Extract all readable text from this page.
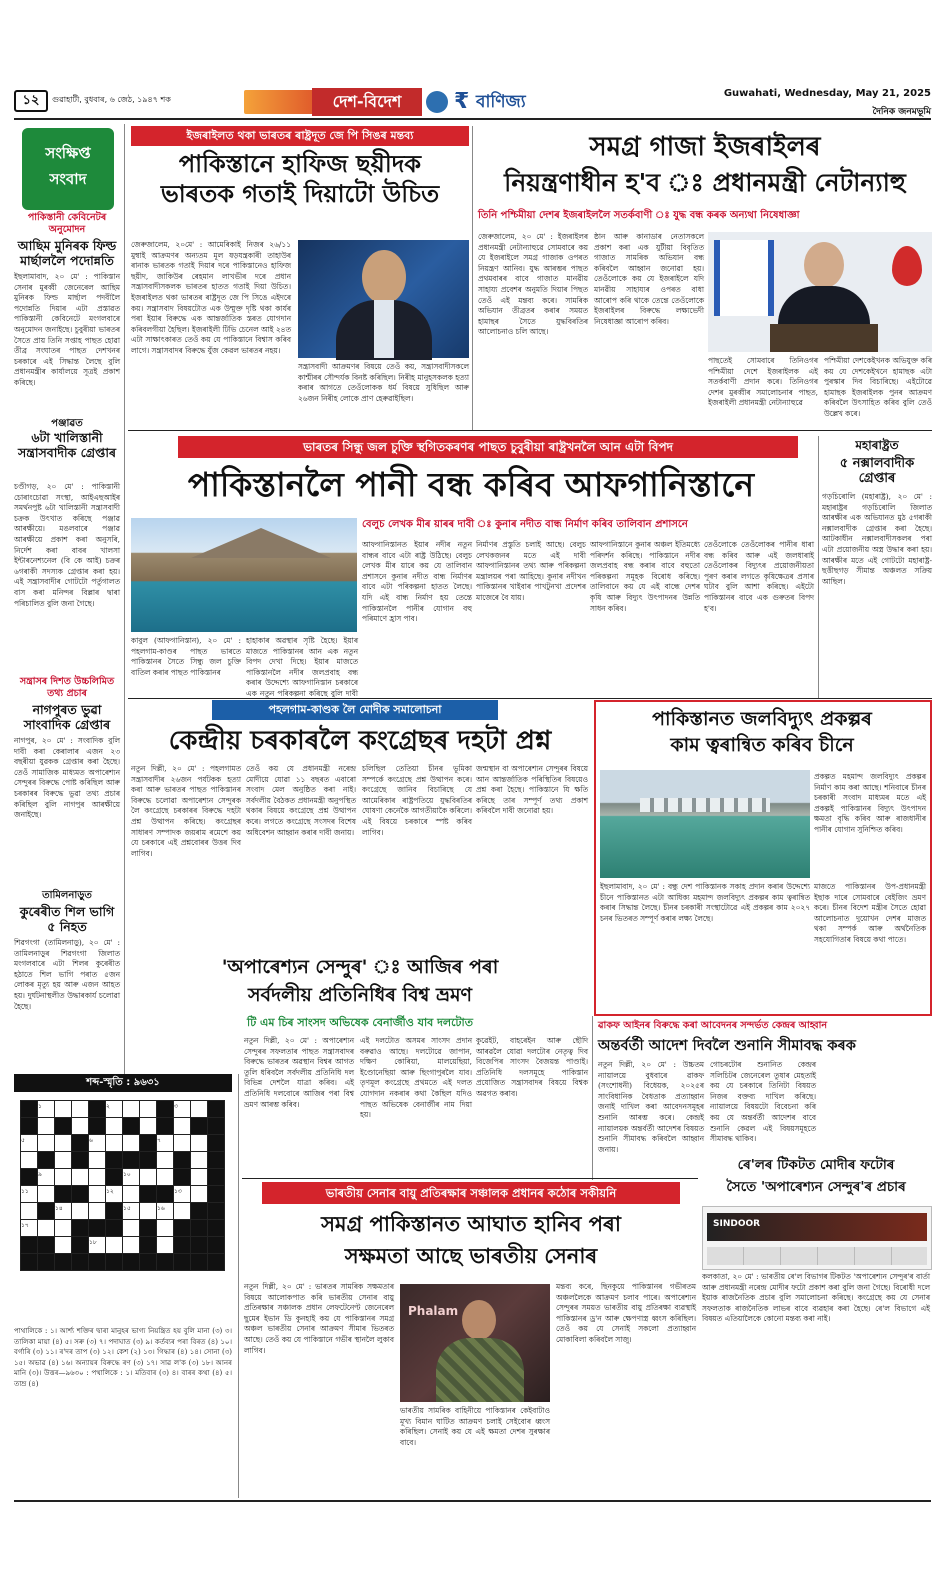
১২	গুৱাহাটী, বুধবাৰ, ৬ জেঠ, ১৯৪৭ শক	দেশ-বিদেশ	₹ বাণিজ্য	Guwahati, Wednesday, May 21, 2025
দৈনিক জনমভূমি
সংক্ষিপ্ত
সংবাদ
পাকিস্তানী কেবিনেটৰ অনুমোদন
আছিম মুনিৰক ফিল্ড মাৰ্ছাললৈ পদোন্নতি
ইছলামাবাদ, ২০ মে' : পাকিস্তান সেনাৰ মুৰব্বী জেনেৰেল আছিম মুনিৰক ফিল্ড মাৰ্ছাল পদবীলৈ পদোন্নতি দিয়াৰ এটা প্ৰস্তাৱত পাকিস্তানী কেবিনেটে মংগলবাৰে অনুমোদন জনাইছে। চুবুৰীয়া ভাৰতৰ সৈতে প্ৰায় তিনি সপ্তাহ পাছত হোৱা তীব্ৰ সংঘাতৰ পাছত দেশখনৰ চৰকাৰে এই সিদ্ধান্ত লৈছে বুলি প্ৰধানমন্ত্ৰীৰ কাৰ্যালয়ে সূত্ৰই প্ৰকাশ কৰিছে।
পঞ্জাৱত
৬টা খালিস্তানী সন্ত্ৰাসবাদীক গ্ৰেপ্তাৰ
চণ্ডীগড়, ২০ মে' : পাকিস্তানী চোৰাংচোৱা সংস্থা, আইএছআইৰ সমৰ্থনপুষ্ট ৬টা খালিস্তানী সন্ত্ৰাসবাদী চক্ৰক উৎখাত কৰিছে পঞ্জাৱ আৰক্ষীয়ে। মঙলবাৰে পঞ্জাৱ আৰক্ষীয়ে প্ৰকাশ কৰা অনুসৰি, নিৰ্দেশ কৰা বাবৰ খালসা ইন্টাৰনেশ্যনেল (বি কে আই) চক্ৰৰ ৬গৰাকী সদস্যক গ্ৰেপ্তাৰ কৰা হয়। এই সন্ত্ৰাসবাদীৰ গোটটো পৰ্তুগালত বাস কৰা মনিন্দৰ বিল্লাৰ দ্বাৰা পৰিচালিত বুলি জনা গৈছে।
সন্ত্ৰাসৰ দিশত উচ্চলিমিত তথ্য প্ৰচাৰ
নাগপুৰত ভুৱা সাংবাদিক গ্ৰেপ্তাৰ
নাগপুৰ, ২০ মে' : সংবাদিক বুলি দাবী কৰা কেৰালাৰ এজন ২৩ বছৰীয়া যুৱকক গ্ৰেপ্তাৰ কৰা হৈছে। তেওঁ সামাজিক মাধ্যমত অপাৰেশ্যন সেন্দুৰৰ বিৰুদ্ধে পোষ্ট কৰিছিল আৰু চৰকাৰৰ বিৰুদ্ধে ভুৱা তথ্য প্ৰচাৰ কৰিছিল বুলি নাগপুৰ আৰক্ষীয়ে জনাইছে।
তামিলনাড়ুত
কুৰেৰীত শিল ভাগি ৫ নিহত
শিৱগংগা (তামিলনাড়ু), ২০ মে' : তামিলনাড়ুৰ শিৱগংগা জিলাত মংগলবাৰে এটা শিলৰ কুৰেৰীত হঠাতে শিল ভাগি পৰাত ৫জন লোকৰ মৃত্যু হয় আৰু এজন আহত হয়। দুৰ্ঘটনাস্থলীত উদ্ধাৰকাৰ্য চলোৱা হৈছে।
শব্দ-স্মৃতি : ৯৬৩১
	১				২				৩		

৫				৬				৭			

	৯					১০					
১১					১২				১৩		
		১৪				১৫		১৬			
১৭											
				১৮							

পাথালিকে : ১। আৰ্শ্য শক্তিৰ দ্বাৰা মানুহৰ ভাগ্য নিয়ন্ত্ৰিত হয় বুলি মানা (৩) ৩। তালিকা মায়া (৪) ৫। সৰু (৩) ৭। পদাঘাত (৩) ৯। কৰ্তব্যৰ পৰা বিৰত (৪) ১০। বৰ্গাৰি (৩) ১১। ৰ'দৰ তাপ (৩) ১২। কেশ (২) ১৩। গিদ্ধাৰ (৪) ১৪। সোনা (৩) ১৫। অভাৱ (৪) ১৬। অন্যায়ৰ বিৰুদ্ধে ৰণ (৩) ১৭। সাৱ ল'ক (৩) ১৮। আনৰ মানি (৩)। উত্তৰ—৯৬৩০ : পথালিকে : ১। মতিবাৰ (৩) ৪। বাৰৰ কথা (৪) ৫। তাম্ৰ (৪)
ইজৰাইলত থকা ভাৰতৰ ৰাষ্ট্ৰদূত জে পি সিঙৰ মন্তব্য
পাকিস্তানে হাফিজ ছয়ীদক
ভাৰতক গতাই দিয়াটো উচিত
জেৰুজালেম, ২০মে' : আমেৰিকাই নিজৰ ২৬/১১ মুম্বাই আক্ৰমণৰ অন্যতম মূল ষড়যন্ত্ৰকাৰী তাহাউৰ ৰানাক ভাৰতক গতাই দিয়াৰ দৰে পাকিস্তানেও হাফিজ ছয়ীদ, জাকিউৰ ৰেহমান লাখভীৰ দৰে প্ৰধান সন্ত্ৰাসবাদীসকলক ভাৰতৰ হাতত গতাই দিয়া উচিত। ইজৰাইলত থকা ভাৰতৰ ৰাষ্ট্ৰদূত জে পি সিঙে এইদৰে কয়। সন্ত্ৰাসবাদ বিষয়টোত এক উম্মুক্ত দৃষ্টি থকা কাৰ্যৰ পৰা ইয়াৰ বিৰুদ্ধে এক আন্তৰ্জাতিক স্তৰত যোগদান কৰিবলগীয়া হৈছিল। ইজৰাইলী টিভি চেনেল আই ২৪ত এটা সাক্ষাৎকাৰত তেওঁ কয় যে পাকিস্তানে বিশ্বাস কৰিব লাগে। সন্ত্ৰাসবাদৰ বিৰুদ্ধে যুঁজ কেৱল ভাৰতৰ নহয়।
সন্ত্ৰাসবাদী আক্ৰমণৰ বিষয়ে তেওঁ কয়, সন্ত্ৰাসবাদীসকলে কাশ্মীৰৰ সৌন্দৰ্যক বিনষ্ট কৰিছিল। নিৰীহ মানুহসকলক হত্যা কৰাৰ আগতে তেওঁলোকক ধৰ্ম বিষয়ে সুধিছিল আৰু ২৬জন নিৰীহ লোকে প্ৰাণ হেৰুৱাইছিল।
সমগ্ৰ গাজা ইজৰাইলৰ
নিয়ন্ত্ৰণাধীন হ'ব ঃ প্ৰধানমন্ত্ৰী নেটান্যাহু
তিনি পশ্চিমীয়া দেশৰ ইজৰাইললৈ সতৰ্কবাণী ঃ যুদ্ধ বন্ধ কৰক অন্যথা নিষেধাজ্ঞা
জেৰুজালেম, ২০ মে' : ইজৰাইলৰ প্ৰধানমন্ত্ৰী নেটান্যাহুৱে সোমবাৰে কয় যে ইজৰাইলে সমগ্ৰ গাজাক ওপৰত নিয়ন্ত্ৰণ আনিব। যুদ্ধ আৰম্ভৰ পাছত প্ৰথমবাৰৰ বাবে গাজাত মানৱীয় সাহায্য প্ৰবেশৰ অনুমতি দিয়াৰ পিছত তেওঁ এই মন্তব্য কৰে। সামৰিক অভিযান তীব্ৰতৰ কৰাৰ সময়ত হামাছৰ সৈতে যুদ্ধবিৰতিৰ আলোচনাও চলি আছে।
ষ্ঠান আৰু কানাডাৰ নেতাসকলে প্ৰকাশ কৰা এক যুটীয়া বিবৃতিত গাজাত সামৰিক অভিযান বন্ধ কৰিবলৈ আহ্বান জনোৱা হয়। তেওঁলোকে কয় যে ইজৰাইলে যদি মানৱীয় সাহায্যৰ ওপৰত বাধা আৰোপ কৰি থাকে তেন্তে তেওঁলোকে ইজৰাইলৰ বিৰুদ্ধে লক্ষ্যভেদী নিষেধাজ্ঞা আৰোপ কৰিব।
পাছতেই সোমবাৰে তিনিওগৰ পশ্চিমীয়া দেশে ইজৰাইলক এই সতৰ্কবাণী প্ৰদান কৰে। তিনিওগৰ দেশৰ মুৰব্বীৰ সমালোচনাৰ পাছত, ইজৰাইলী প্ৰধানমন্ত্ৰী নেটান্যাহুৱে
পশ্চিমীয়া দেশকেইখনক অভিযুক্ত কৰি কয় যে দেশকেইখনে হামাছক এটা পুৰস্কাৰ দিব বিচাৰিছে। এইটোৱে হামাছক ইজৰাইলক পুনৰ আক্ৰমণ কৰিবলৈ উৎসাহিত কৰিব বুলি তেওঁ উল্লেখ কৰে।
ভাৰতৰ সিন্ধু জল চুক্তি স্থগিতকৰণৰ পাছত চুবুৰীয়া ৰাষ্ট্ৰখনলৈ আন এটা বিপদ
পাকিস্তানলৈ পানী বন্ধ কৰিব আফগানিস্তানে
বেলুচ লেখক মীৰ য়াৰৰ দাবী ঃ কুনাৰ নদীত বান্ধ নিৰ্মাণ কৰিব তালিবান প্ৰশাসনে
কাবুল (আফগানিস্তান), ২০ মে' : পহলগাম-কাণ্ডৰ পাছত ভাৰতে পাকিস্তানৰ সৈতে সিন্ধু জল চুক্তি বাতিল কৰাৰ পাছত পাকিস্তানৰ
হাহাকাৰ অৱস্থাৰ সৃষ্টি হৈছে। ইয়াৰ মাজতে পাকিস্তানৰ আন এক নতুন বিপদ দেখা দিছে। ইয়াৰ মাজতে পাকিস্তানলৈ নদীৰ জলপ্ৰবাহ বন্ধ কৰাৰ উদ্দেশ্যে আফগানিস্তান চৰকাৰে এক নতুন পৰিকল্পনা কৰিছে বুলি দাবী
আফগানিস্তানত ইয়াৰ নদীৰ নতুন বান্ধৰ বাবে এটা ৰাষ্ট্ৰ উঠিছে। বেলুচ লেখক মীৰ য়াৰে কয় যে তালিবান প্ৰশাসনে কুনাৰ নদীত বান্ধ নিৰ্মাণৰ বাবে এটা পৰিকল্পনা হাতত লৈছে। যদি এই বান্ধ নিৰ্মাণ হয় তেন্তে পাকিস্তানলৈ পানীৰ যোগান বহু পৰিমাণে হ্ৰাস পাব।
নিৰ্মাণৰ প্ৰস্তুতি চলাই আছে। বেলুচ লেখকজনৰ মতে এই দাবী আফগানিস্তানৰ তথ্য আৰু পৰিকল্পনা মন্ত্ৰালয়ৰ পৰা আহিছে। কুনাৰ নদীখন পাকিস্তানৰ খাইবাৰ পাখটুনখা প্ৰদেশৰ মাজেৰে বৈ যায়।
আফগানিস্তানে কুনাৰ অঞ্চল ইতিমধ্যে পৰিদৰ্শন কৰিছে। পাকিস্তানে নদীৰ জলপ্ৰবাহ বন্ধ কৰাৰ বাবে বহুতো পৰিকল্পনা সমূহক বিৰোধ কৰিছে। তালিবানে কয় যে এই বান্ধে দেশৰ কৃষি আৰু বিদ্যুৎ উৎপাদনৰ উন্নতি সাধন কৰিব।
তেওঁলোকে তেওঁলোকৰ পানীৰ ধাৰা বন্ধ কৰিব আৰু এই জলধাৰাই তেওঁলোকৰ বিদ্যুৎৰ প্ৰয়োজনীয়তা পূৰণ কৰাৰ লগতে কৃষিক্ষেত্ৰৰ প্ৰসাৰ ঘটাব বুলি আশা কৰিছে। এইটো পাকিস্তানৰ বাবে এক গুৰুতৰ বিপদ হ'ব।
মহাৰাষ্ট্ৰত
৫ নক্সালবাদীক গ্ৰেপ্তাৰ
গড়চিৰোলি (মহাৰাষ্ট্ৰ), ২০ মে' : মহাৰাষ্ট্ৰৰ গড়চিৰোলি জিলাত আৰক্ষীৰ এক অভিযানত মুঠ ৫গৰাকী নক্সালবাদীক গ্ৰেপ্তাৰ কৰা হৈছে। আটকাধীন নক্সালবাদীসকলৰ পৰা এটা প্ৰয়োজনীয় অস্ত্ৰ উদ্ধাৰ কৰা হয়। আৰক্ষীৰ মতে এই গোটটো মহাৰাষ্ট্ৰ-ছত্তীছগড় সীমান্ত অঞ্চলত সক্ৰিয় আছিল।
পহলগাম-কাণ্ডক লৈ মোদীক সমালোচনা
কেন্দ্ৰীয় চৰকাৰলৈ কংগ্ৰেছৰ দহটা প্ৰশ্ন
নতুন দিল্লী, ২০ মে' : পহলগামত সন্ত্ৰাসবাদীৰ ২৬জন পৰ্যটকক হত্যা কৰা আৰু ভাৰতৰ পাছত পাকিস্তানৰ বিৰুদ্ধে চলোৱা অপাৰেশ্যন সেন্দুৰক লৈ কংগ্ৰেছে চৰকাৰৰ বিৰুদ্ধে দহটা প্ৰশ্ন উত্থাপন কৰিছে। কংগ্ৰেছৰ সাধাৰণ সম্পাদক জয়ৰাম ৰমেশে কয় যে চৰকাৰে এই প্ৰশ্নবোৰৰ উত্তৰ দিব লাগিব।
তেওঁ কয় যে প্ৰধানমন্ত্ৰী নৰেন্দ্ৰ মোদীয়ে যোৱা ১১ বছৰত এবাৰো সংবাদ মেল অনুষ্ঠিত কৰা নাই। সৰ্বদলীয় বৈঠকত প্ৰধানমন্ত্ৰী অনুপস্থিত থকাৰ বিষয়ে কংগ্ৰেছে প্ৰশ্ন উত্থাপন কৰে। লগতে কংগ্ৰেছে সংসদৰ বিশেষ অধিবেশন আহ্বান কৰাৰ দাবী জনায়।
চলিছিল তেতিয়া চীনৰ ভূমিকা সম্পৰ্কে কংগ্ৰেছে প্ৰশ্ন উত্থাপন কৰে। কংগ্ৰেছে জানিব বিচাৰিছে যে আমেৰিকাৰ ৰাষ্ট্ৰপতিয়ে যুদ্ধবিৰতিৰ ঘোষণা কেনেকৈ আগতীয়াকৈ কৰিলে। এই বিষয়ে চৰকাৰে স্পষ্ট কৰিব লাগিব।
জন্মস্থান বা অপাৰেশ্যন সেন্দুৰৰ বিষয়ে আন আন্তৰ্জাতিক পৰিস্থিতিৰ বিষয়েও প্ৰশ্ন কৰা হৈছে। পাকিস্তানে যি ক্ষতি কৰিছে তাৰ সম্পূৰ্ণ তথ্য প্ৰকাশ কৰিবলৈ দাবী জনোৱা হয়।
পাকিস্তানত জলবিদ্যুৎ প্ৰকল্পৰ
কাম ত্বৰান্বিত কৰিব চীনে
প্ৰকল্পত মহমান্দ জলবিদ্যুৎ প্ৰকল্পৰ নিৰ্মাণ কাম কৰা আছে। শনিবাৰে চীনৰ চৰকাৰী সংবাদ মাধ্যমৰ মতে এই প্ৰকল্পই পাকিস্তানৰ বিদ্যুৎ উৎপাদন ক্ষমতা বৃদ্ধি কৰিব আৰু ৰাজধানীৰ পানীৰ যোগান সুনিশ্চিত কৰিব।
ইছলামাবাদ, ২০ মে' : বন্ধু দেশ পাকিস্তানক সকাহ প্ৰদান কৰাৰ উদ্দেশ্যে চীনে পাকিস্তানত এটা আধিক্য মহমান্দ জলবিদ্যুৎ প্ৰকল্পৰ কাম ত্বৰান্বিত কৰাৰ সিদ্ধান্ত লৈছে। চীনৰ চৰকাৰী সংস্থাটোৱে এই প্ৰকল্পৰ কাম ২০২৭ চনৰ ভিতৰত সম্পূৰ্ণ কৰাৰ লক্ষ্য লৈছে।
মাজতে পাকিস্তানৰ উপ-প্ৰধানমন্ত্ৰী ইছাক দাৰে সোমবাৰে বেইজিং ভ্ৰমণ কৰে। চীনৰ বিদেশ মন্ত্ৰীৰ সৈতে হোৱা আলোচনাত দুয়োখন দেশৰ মাজত থকা সম্পৰ্ক আৰু অৰ্থনৈতিক সহযোগিতাৰ বিষয়ে কথা পাতে।
'অপাৰেশ্যন সেন্দুৰ' ঃ আজিৰ পৰা
সৰ্বদলীয় প্ৰতিনিধিৰ বিশ্ব ভ্ৰমণ
টি এম চিৰ সাংসদ অভিষেক বেনাৰ্জীও যাব দলটোত
নতুন দিল্লী, ২০ মে' : অপাৰেশ্যন সেন্দুৰৰ সফলতাৰ পাছত সন্ত্ৰাসবাদৰ বিৰুদ্ধে ভাৰতৰ অৱস্থান বিশ্বৰ আগত তুলি ধৰিবলৈ সৰ্বদলীয় প্ৰতিনিধি দল বিভিন্ন দেশলৈ যাত্ৰা কৰিব। এই প্ৰতিনিধি দলবোৰে আজিৰ পৰা বিশ্ব ভ্ৰমণ আৰম্ভ কৰিব।
এই দলটোত অসমৰ সাংসদ প্ৰদান বৰুৱাও আছে। দলটোৱে জাপান, দক্ষিণ কোৰিয়া, মালয়েছিয়া, ইণ্ডোনেছিয়া আৰু ছিংগাপুৰলৈ যাব। তৃণমূল কংগ্ৰেছে প্ৰথমতে এই দলত যোগদান নকৰাৰ কথা কৈছিল যদিও পাছত অভিষেক বেনাৰ্জীৰ নাম দিয়া হয়।
কুৱেইট, বাহৰেইন আৰু ছৌদি আৰৱলৈ যোৱা দলটোৰ নেতৃত্ব দিব বিজেপিৰ সাংসদ বৈজয়ন্ত পাণ্ডাই। প্ৰতিনিধি দলসমূহে পাকিস্তান প্ৰযোজিত সন্ত্ৰাসবাদৰ বিষয়ে বিশ্বক অৱগত কৰাব।
ৱাকফ আইনৰ বিৰুদ্ধে কৰা আবেদনৰ সন্দৰ্ভত কেন্দ্ৰৰ আহ্বান
অন্তৰ্বৰ্তী আদেশ দিবলৈ শুনানি সীমাবদ্ধ কৰক
নতুন দিল্লী, ২০ মে' : উচ্চতম ন্যায়ালয়ে বুধবাৰে ৱাকফ (সংশোধনী) বিধেয়ক, ২০২৫ৰ সাংবিধানিক বৈধতাক প্ৰত্যাহ্বান জনাই দাখিল কৰা আবেদনসমূহৰ শুনানি আৰম্ভ কৰে। কেন্দ্ৰই ন্যায়ালয়ক অন্তৰ্বৰ্তী আদেশৰ বিষয়ত শুনানি সীমাবদ্ধ কৰিবলৈ আহ্বান জনায়।
গোচৰটোৰ শুনানিত কেন্দ্ৰৰ সলিচিটৰ জেনেৰেল তুষাৰ মেহতাই কয় যে চৰকাৰে তিনিটা বিষয়ত নিজৰ বক্তব্য দাখিল কৰিছে। ন্যায়ালয়ে বিষয়টো বিবেচনা কৰি কয় যে অন্তৰ্বৰ্তী আদেশৰ বাবে শুনানি কেৱল এই বিষয়সমূহতে সীমাবদ্ধ থাকিব।
ৰে'লৰ টিকটত মোদীৰ ফটোৰ
সৈতে 'অপাৰেশ্যন সেন্দুৰ'ৰ প্ৰচাৰ
SINDOOR
কলকাতা, ২০ মে' : ভাৰতীয় ৰে'ল বিভাগৰ টিকটত 'অপাৰেশ্যন সেন্দুৰ'ৰ বাৰ্তা আৰু প্ৰধানমন্ত্ৰী নৰেন্দ্ৰ মোদীৰ ফটো প্ৰকাশ কৰা বুলি জনা গৈছে। বিৰোধী দলে ইয়াক ৰাজনৈতিক প্ৰচাৰ বুলি সমালোচনা কৰিছে। কংগ্ৰেছে কয় যে সেনাৰ সফলতাক ৰাজনৈতিক লাভৰ বাবে ব্যৱহাৰ কৰা হৈছে। ৰে'ল বিভাগে এই বিষয়ত এতিয়ালৈকে কোনো মন্তব্য কৰা নাই।
ভাৰতীয় সেনাৰ বায়ু প্ৰতিৰক্ষাৰ সঞ্চালক প্ৰধানৰ কঠোৰ সকীয়নি
সমগ্ৰ পাকিস্তানত আঘাত হানিব পৰা
সক্ষমতা আছে ভাৰতীয় সেনাৰ
নতুন দিল্লী, ২০ মে' : ভাৰতৰ সামৰিক সক্ষমতাৰ বিষয়ে আলোকপাত কৰি ভাৰতীয় সেনাৰ বায়ু প্ৰতিৰক্ষাৰ সঞ্চালক প্ৰধান লেফটেনেণ্ট জেনেৰেল ছুমেৰ ইভান ডি কুনহাই কয় যে পাকিস্তানৰ সমগ্ৰ অঞ্চল ভাৰতীয় সেনাৰ আক্ৰমণ সীমাৰ ভিতৰত আছে। তেওঁ কয় যে পাকিস্তানে গভীৰ স্থানলৈ লুকাব লাগিব।
Phalam
ভাৰতীয় সামৰিক বাহিনীয়ে পাকিস্তানৰ কেইবাটাও মূখ্য বিমান ঘাটিত আক্ৰমণ চলাই সেইবোৰ ধ্বংস কৰিছিল। সেনাই কয় যে এই ক্ষমতা দেশৰ সুৰক্ষাৰ বাবে।
মন্তব্য কৰে, ছিনকুয়ে পাকিস্তানৰ গভীৰতম অঞ্চললৈকে আক্ৰমণ চলাব পাৰে। অপাৰেশ্যন সেন্দুৰৰ সময়ত ভাৰতীয় বায়ু প্ৰতিৰক্ষা ব্যৱস্থাই পাকিস্তানৰ ড্ৰ'ন আৰু ক্ষেপণাস্ত্ৰ ধ্বংস কৰিছিল। তেওঁ কয় যে সেনাই সকলো প্ৰত্যাহ্বান মোকাবিলা কৰিবলৈ সাজু।
